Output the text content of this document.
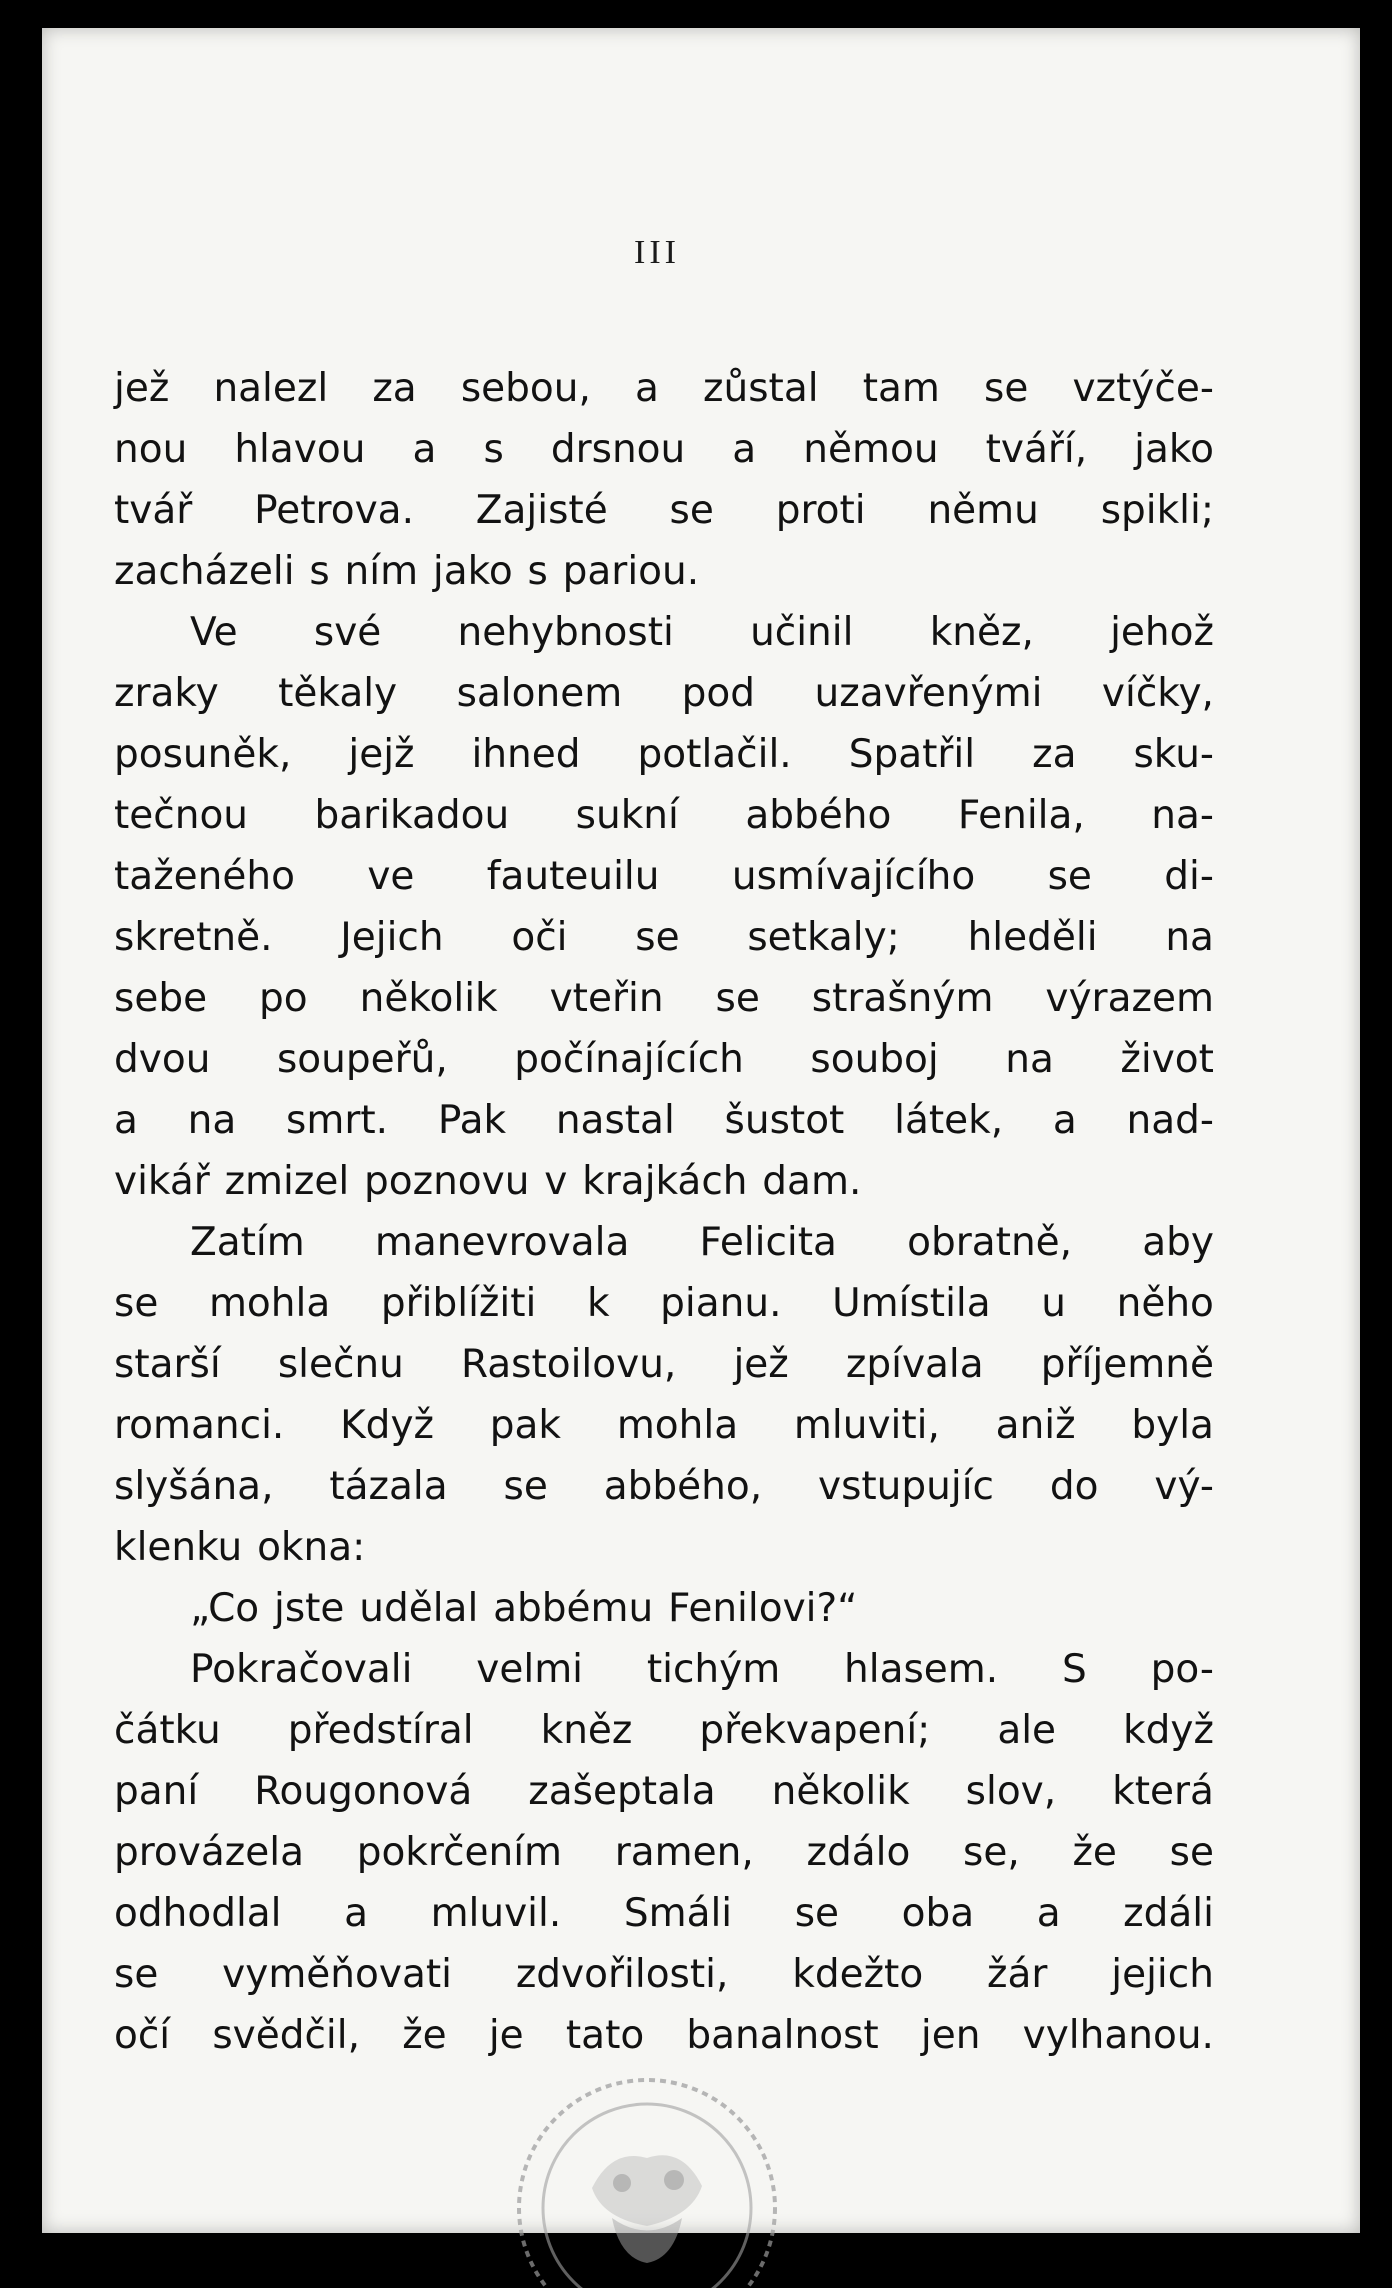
III
jež nalezl za sebou, a zůstal tam se vztýče-
nou hlavou a s drsnou a němou tváří, jako
tvář Petrova. Zajisté se proti němu spikli;
zacházeli s ním jako s pariou.
Ve své nehybnosti učinil kněz, jehož
zraky těkaly salonem pod uzavřenými víčky,
posuněk, jejž ihned potlačil. Spatřil za sku-
tečnou barikadou sukní abbého Fenila, na-
taženého ve fauteuilu usmívajícího se di-
skretně. Jejich oči se setkaly; hleděli na
sebe po několik vteřin se strašným výrazem
dvou soupeřů, počínajících souboj na život
a na smrt. Pak nastal šustot látek, a nad-
vikář zmizel poznovu v krajkách dam.
Zatím manevrovala Felicita obratně, aby
se mohla přiblížiti k pianu. Umístila u něho
starší slečnu Rastoilovu, jež zpívala příjemně
romanci. Když pak mohla mluviti, aniž byla
slyšána, tázala se abbého, vstupujíc do vý-
klenku okna:
„Co jste udělal abbému Fenilovi?“
Pokračovali velmi tichým hlasem. S po-
čátku předstíral kněz překvapení; ale když
paní Rougonová zašeptala několik slov, která
provázela pokrčením ramen, zdálo se, že se
odhodlal a mluvil. Smáli se oba a zdáli
se vyměňovati zdvořilosti, kdežto žár jejich
očí svědčil, že je tato banalnost jen vylhanou.
